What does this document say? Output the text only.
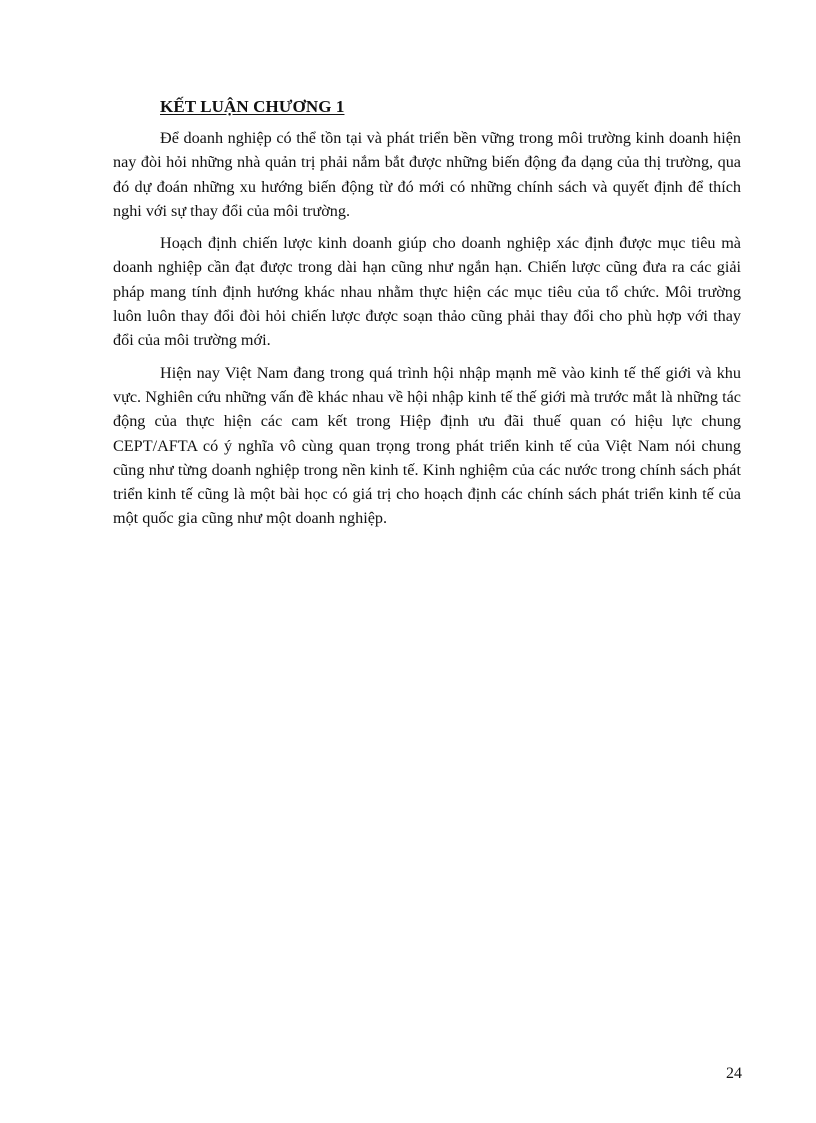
KẾT LUẬN CHƯƠNG 1

Để doanh nghiệp có thể tồn tại và phát triển bền vững trong môi trường kinh doanh hiện nay đòi hỏi những nhà quản trị phải nắm bắt được những biến động đa dạng của thị trường, qua đó dự đoán những xu hướng biến động từ đó mới có những chính sách và quyết định để thích nghi với sự thay đổi của môi trường.

Hoạch định chiến lược kinh doanh giúp cho doanh nghiệp xác định được mục tiêu mà doanh nghiệp cần đạt được trong dài hạn cũng như ngắn hạn. Chiến lược cũng đưa ra các giải pháp mang tính định hướng khác nhau nhằm thực hiện các mục tiêu của tổ chức. Môi trường luôn luôn thay đổi đòi hỏi chiến lược được soạn thảo cũng phải thay đổi cho phù hợp với thay đổi của môi trường mới.

Hiện nay Việt Nam đang trong quá trình hội nhập mạnh mẽ vào kinh tế thế giới và khu vực. Nghiên cứu những vấn đề khác nhau về hội nhập kinh tế thế giới mà trước mắt là những tác động của thực hiện các cam kết trong Hiệp định ưu đãi thuế quan có hiệu lực chung CEPT/AFTA có ý nghĩa vô cùng quan trọng trong phát triển kinh tế của Việt Nam nói chung cũng như từng doanh nghiệp trong nền kinh tế. Kinh nghiệm của các nước trong chính sách phát triển kinh tế cũng là một bài học có giá trị cho hoạch định các chính sách phát triển kinh tế của một quốc gia cũng như một doanh nghiệp.

24
